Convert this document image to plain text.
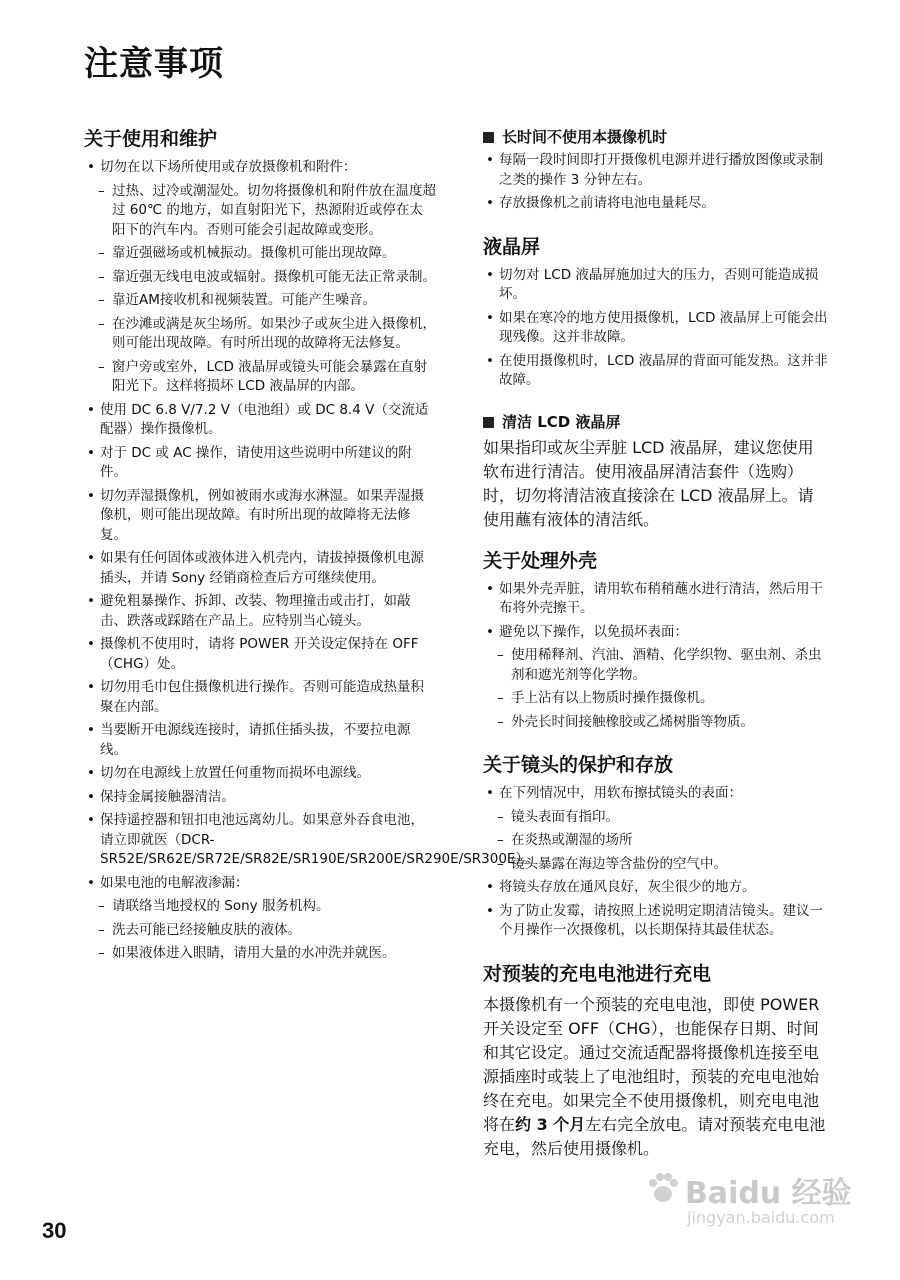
注意事项
关于使用和维护
• 切勿在以下场所使用或存放摄像机和附件：
– 过热、过冷或潮湿处。切勿将摄像机和附件放在温度超过 60℃ 的地方，如直射阳光下，热源附近或停在太阳下的汽车内。否则可能会引起故障或变形。
– 靠近强磁场或机械振动。摄像机可能出现故障。
– 靠近强无线电电波或辐射。摄像机可能无法正常录制。
– 靠近AM接收机和视频装置。可能产生噪音。
– 在沙滩或满是灰尘场所。如果沙子或灰尘进入摄像机，则可能出现故障。有时所出现的故障将无法修复。
– 窗户旁或室外，LCD 液晶屏或镜头可能会暴露在直射阳光下。这样将损坏 LCD 液晶屏的内部。
• 使用 DC 6.8 V/7.2 V（电池组）或 DC 8.4 V（交流适配器）操作摄像机。
• 对于 DC 或 AC 操作，请使用这些说明中所建议的附件。
• 切勿弄湿摄像机，例如被雨水或海水淋湿。如果弄湿摄像机，则可能出现故障。有时所出现的故障将无法修复。
• 如果有任何固体或液体进入机壳内，请拔掉摄像机电源插头，并请 Sony 经销商检查后方可继续使用。
• 避免粗暴操作、拆卸、改装、物理撞击或击打，如敲击、跌落或踩踏在产品上。应特别当心镜头。
• 摄像机不使用时，请将 POWER 开关设定保持在 OFF（CHG）处。
• 切勿用毛巾包住摄像机进行操作。否则可能造成热量积聚在内部。
• 当要断开电源线连接时，请抓住插头拔，不要拉电源线。
• 切勿在电源线上放置任何重物而损坏电源线。
• 保持金属接触器清洁。
• 保持遥控器和钮扣电池远离幼儿。如果意外吞食电池，请立即就医（DCR-SR52E/SR62E/SR72E/SR82E/SR190E/SR200E/SR290E/SR300E）。
• 如果电池的电解液渗漏：
– 请联络当地授权的 Sony 服务机构。
– 洗去可能已经接触皮肤的液体。
– 如果液体进入眼睛，请用大量的水冲洗并就医。
长时间不使用本摄像机时
• 每隔一段时间即打开摄像机电源并进行播放图像或录制之类的操作 3 分钟左右。
• 存放摄像机之前请将电池电量耗尽。
液晶屏
• 切勿对 LCD 液晶屏施加过大的压力，否则可能造成损坏。
• 如果在寒冷的地方使用摄像机，LCD 液晶屏上可能会出现残像。这并非故障。
• 在使用摄像机时，LCD 液晶屏的背面可能发热。这并非故障。
清洁 LCD 液晶屏

如果指印或灰尘弄脏 LCD 液晶屏，建议您使用软布进行清洁。使用液晶屏清洁套件（选购）时，切勿将清洁液直接涂在 LCD 液晶屏上。请使用蘸有液体的清洁纸。

关于处理外壳
• 如果外壳弄脏，请用软布稍稍蘸水进行清洁，然后用干布将外壳擦干。
• 避免以下操作，以免损坏表面：
– 使用稀释剂、汽油、酒精、化学织物、驱虫剂、杀虫剂和遮光剂等化学物。
– 手上沾有以上物质时操作摄像机。
– 外壳长时间接触橡胶或乙烯树脂等物质。
关于镜头的保护和存放
• 在下列情况中，用软布擦拭镜头的表面：
– 镜头表面有指印。
– 在炎热或潮湿的场所
– 镜头暴露在海边等含盐份的空气中。
• 将镜头存放在通风良好，灰尘很少的地方。
• 为了防止发霉，请按照上述说明定期清洁镜头。建议一个月操作一次摄像机，以长期保持其最佳状态。
对预装的充电电池进行充电

本摄像机有一个预装的充电电池，即使 POWER 开关设定至 OFF（CHG），也能保存日期、时间和其它设定。通过交流适配器将摄像机连接至电源插座时或装上了电池组时，预装的充电电池始终在充电。如果完全不使用摄像机，则充电电池将在约 3 个月左右完全放电。请对预装充电电池充电，然后使用摄像机。

30
Baidu 经验
jingyan.baidu.com
